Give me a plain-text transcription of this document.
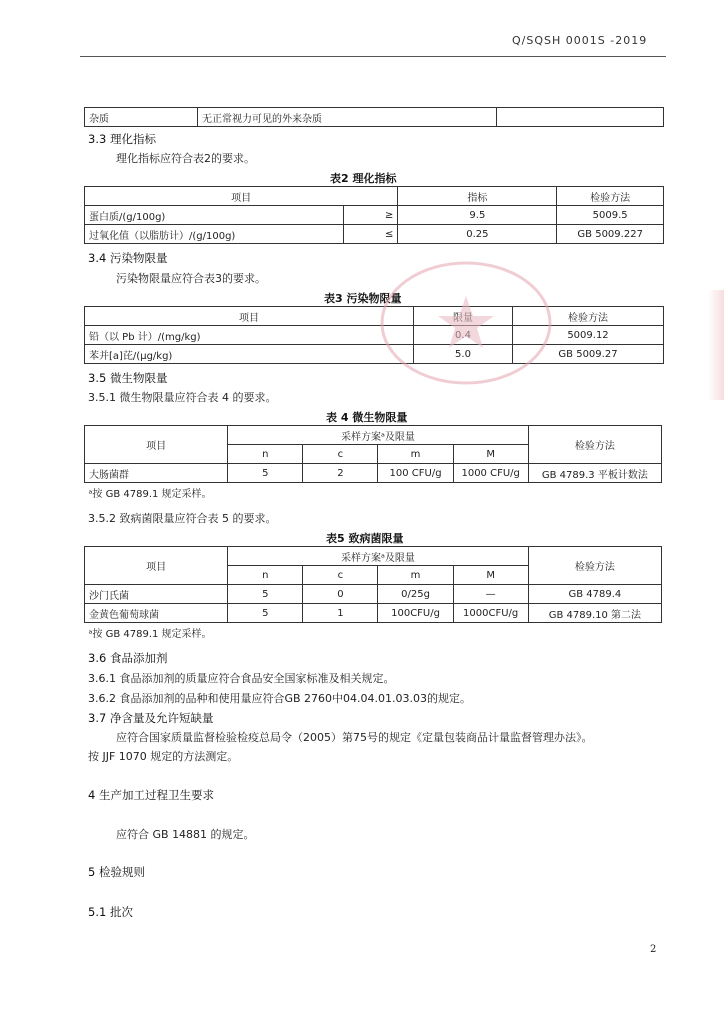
Q/SQSH 0001S -2019
杂质	无正常视力可见的外来杂质	
3.3 理化指标
理化指标应符合表2的要求。
表2 理化指标
项目		指标	检验方法
蛋白质/(g/100g)	≥	9.5	5009.5
过氧化值（以脂肪计）/(g/100g)	≤	0.25	GB 5009.227
3.4 污染物限量
污染物限量应符合表3的要求。
表3 污染物限量
项目		检验方法
铅（以 Pb 计）/(mg/kg)		5009.12
苯并[a]芘/(μg/kg)	5.0	GB 5009.27
3.5 微生物限量
3.5.1 微生物限量应符合表 4 的要求。
表 4 微生物限量
项目	采样方案ᵃ及限量				检验方法
	n	c	m	M	
大肠菌群	5	2	100 CFU/g	1000 CFU/g	GB 4789.3 平板计数法
ᵃ按 GB 4789.1 规定采样。					
3.5.2 致病菌限量应符合表 5 的要求。
表5 致病菌限量
项目	采样方案ᵃ及限量				检验方法
	n	c	m	M	
沙门氏菌	5	0	0/25g	—	GB 4789.4
金黄色葡萄球菌	5	1	100CFU/g	1000CFU/g	GB 4789.10 第二法
ᵃ按 GB 4789.1 规定采样。					
3.6 食品添加剂
3.6.1 食品添加剂的质量应符合食品安全国家标准及相关规定。
3.6.2 食品添加剂的品种和使用量应符合GB 2760中04.04.01.03.03的规定。
3.7 净含量及允许短缺量
应符合国家质量监督检验检疫总局令（2005）第75号的规定《定量包装商品计量监督管理办法》。
按 JJF 1070 规定的方法测定。
4 生产加工过程卫生要求
应符合 GB 14881 的规定。
5 检验规则
5.1 批次
2
